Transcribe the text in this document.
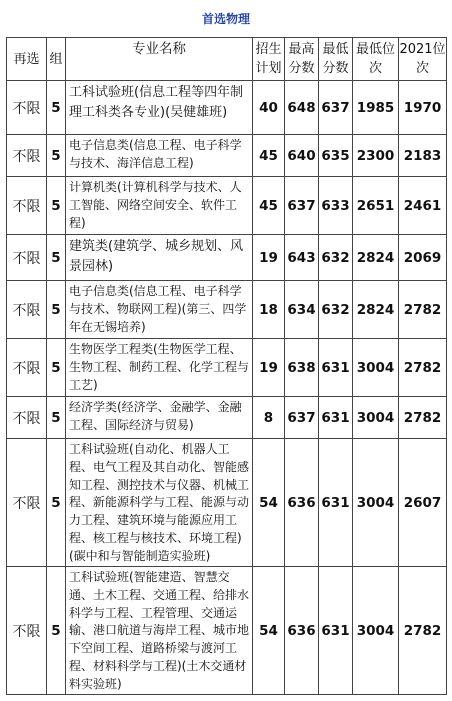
首选物理
再选	组	专业名称	招生计划	最高分数	最低分数	最低位次	2021位次
不限	5	工科试验班(信息工程等四年制理工科类各专业)(吴健雄班)	40	648	637	1985	1970
不限	5	电子信息类(信息工程、电子科学与技术、海洋信息工程)	45	640	635	2300	2183
不限	5	计算机类(计算机科学与技术、人工智能、网络空间安全、软件工程)	45	637	633	2651	2461
不限	5	建筑类(建筑学、城乡规划、风景园林)	19	643	632	2824	2069
不限	5	电子信息类(信息工程、电子科学与技术、物联网工程)(第三、四学年在无锡培养)	18	634	632	2824	2782
不限	5	生物医学工程类(生物医学工程、生物工程、制药工程、化学工程与工艺)	19	638	631	3004	2782
不限	5	经济学类(经济学、金融学、金融工程、国际经济与贸易)	8	637	631	3004	2782
不限	5	工科试验班(自动化、机器人工程、电气工程及其自动化、智能感知工程、测控技术与仪器、机械工程、新能源科学与工程、能源与动力工程、建筑环境与能源应用工程、核工程与核技术、环境工程)(碳中和与智能制造实验班)	54	636	631	3004	2607
不限	5	工科试验班(智能建造、智慧交通、土木工程、交通工程、给排水科学与工程、工程管理、交通运输、港口航道与海岸工程、城市地下空间工程、道路桥梁与渡河工程、材料科学与工程)(土木交通材料实验班)	54	636	631	3004	2782
